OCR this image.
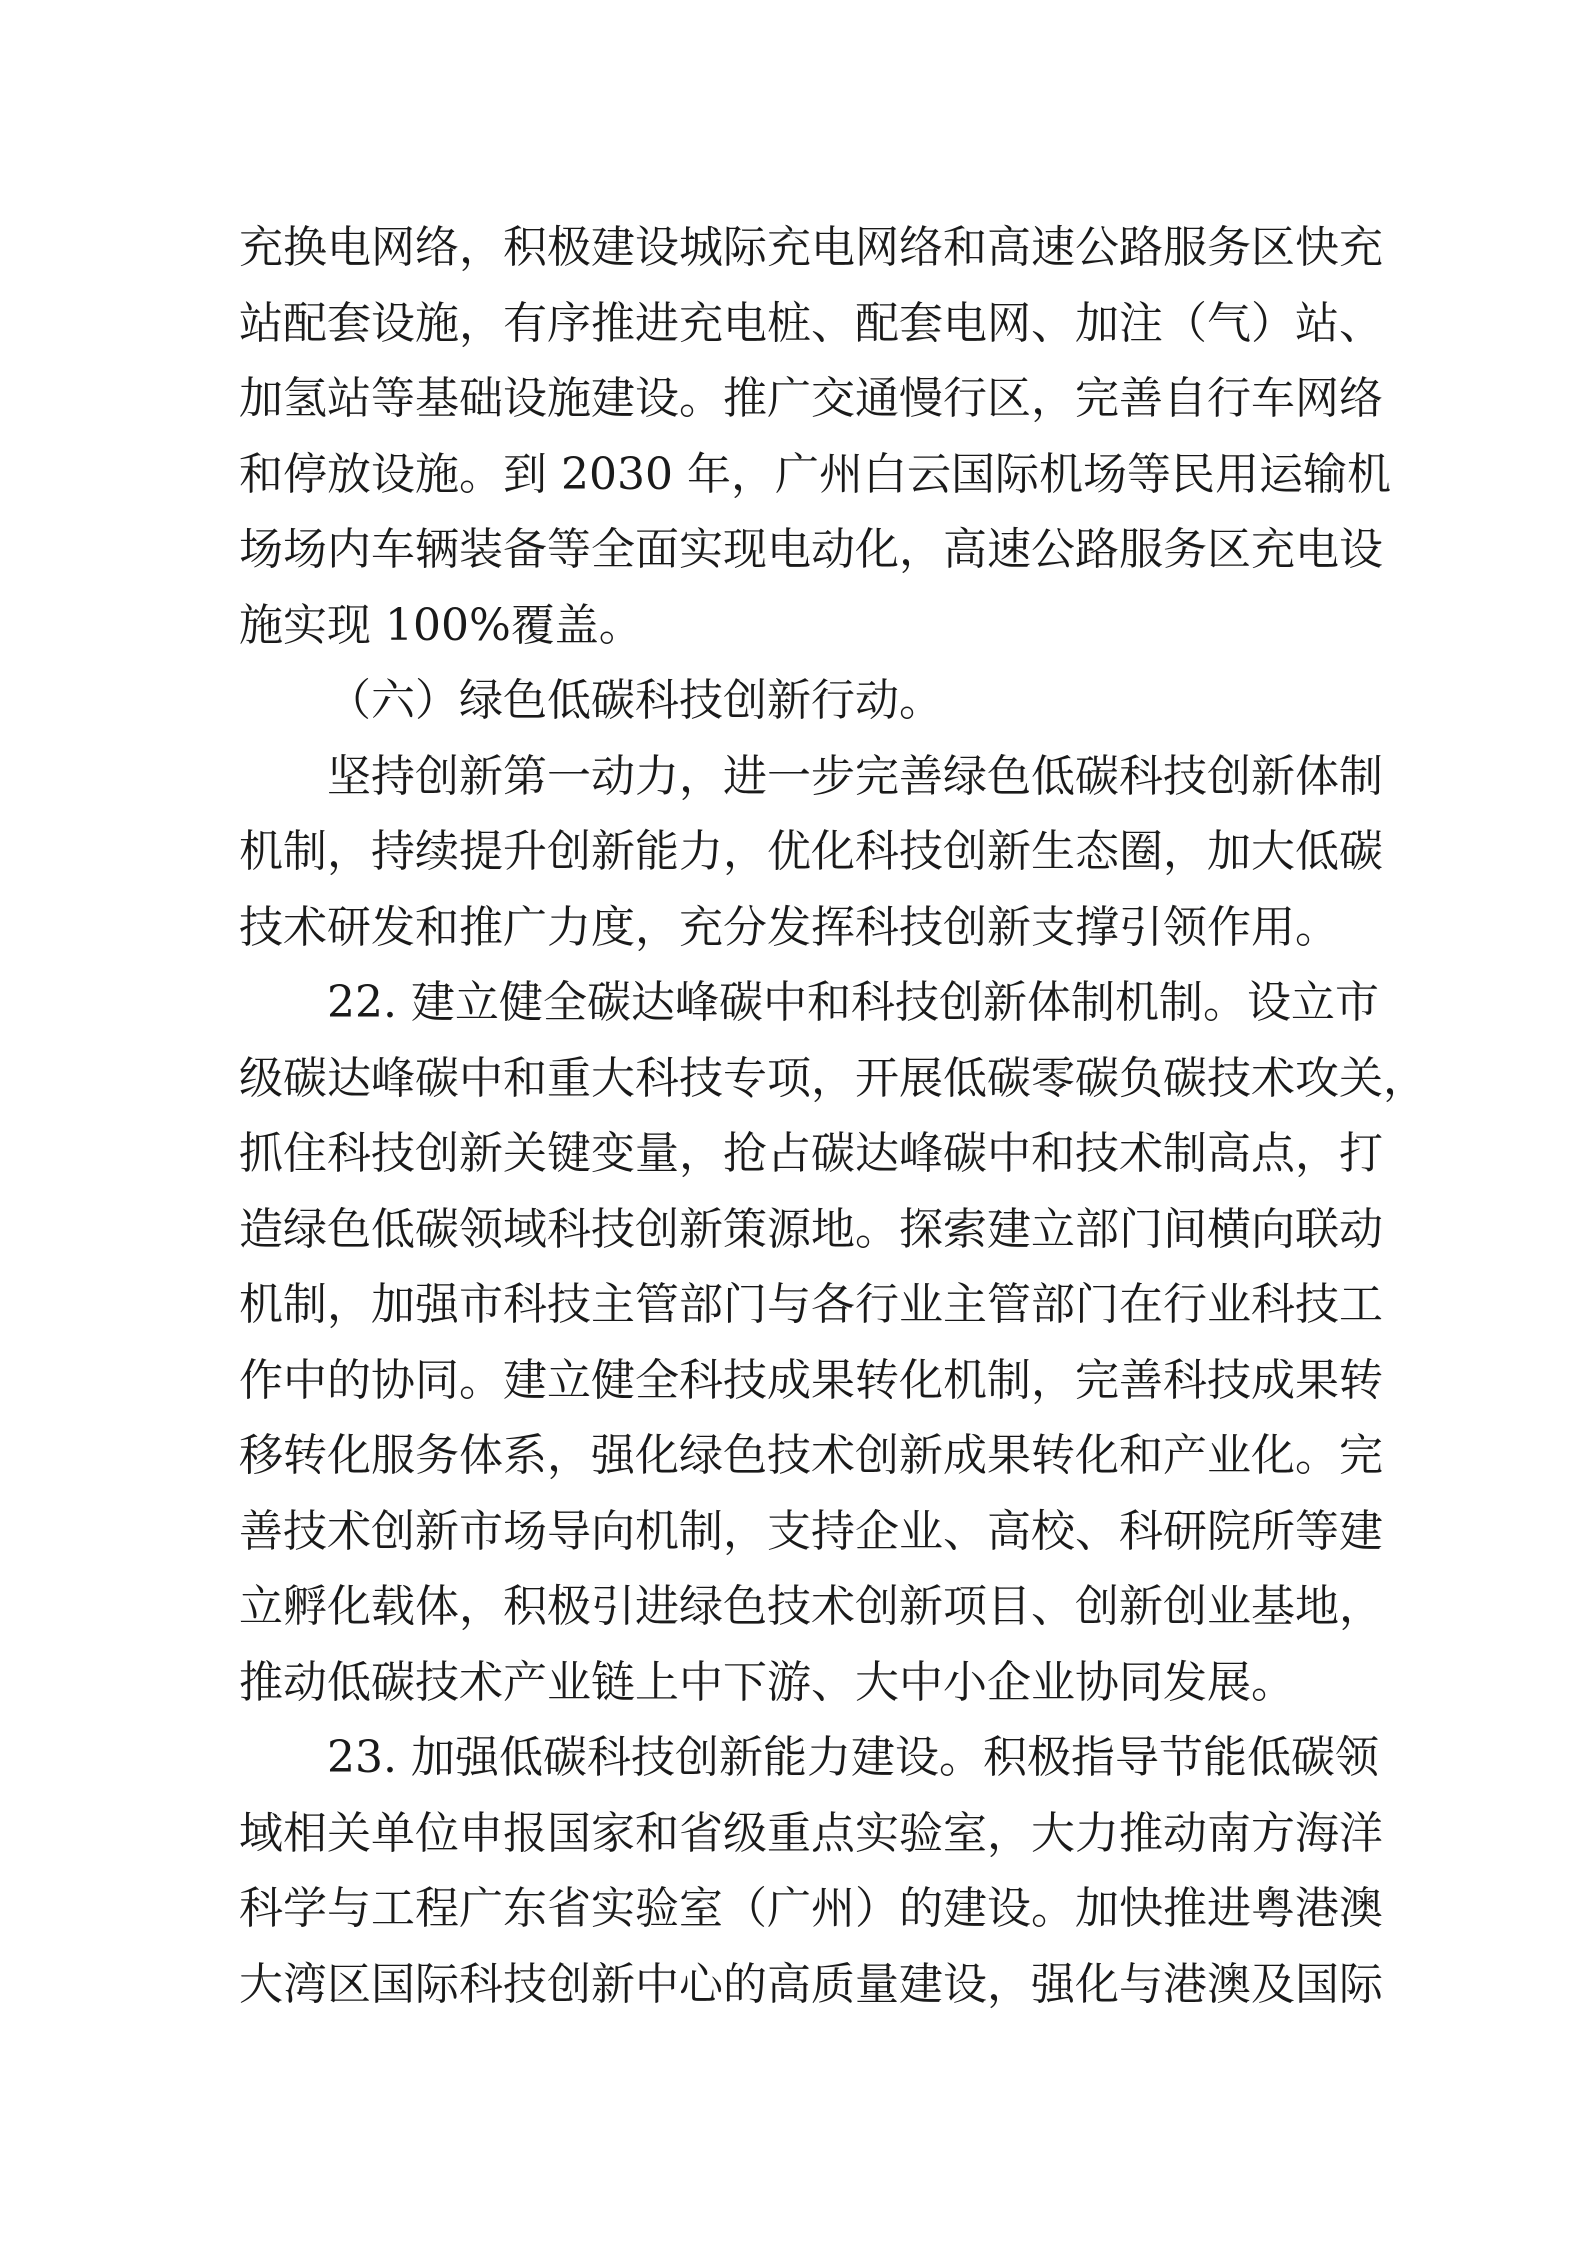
充换电网络，积极建设城际充电网络和高速公路服务区快充
站配套设施，有序推进充电桩、配套电网、加注（气）站、
加氢站等基础设施建设。推广交通慢行区，完善自行车网络
和停放设施。到 2030 年，广州白云国际机场等民用运输机
场场内车辆装备等全面实现电动化，高速公路服务区充电设
施实现 100%覆盖。
（六）绿色低碳科技创新行动。
坚持创新第一动力，进一步完善绿色低碳科技创新体制
机制，持续提升创新能力，优化科技创新生态圈，加大低碳
技术研发和推广力度，充分发挥科技创新支撑引领作用。
22. 建立健全碳达峰碳中和科技创新体制机制。设立市
级碳达峰碳中和重大科技专项，开展低碳零碳负碳技术攻关，
抓住科技创新关键变量，抢占碳达峰碳中和技术制高点，打
造绿色低碳领域科技创新策源地。探索建立部门间横向联动
机制，加强市科技主管部门与各行业主管部门在行业科技工
作中的协同。建立健全科技成果转化机制，完善科技成果转
移转化服务体系，强化绿色技术创新成果转化和产业化。完
善技术创新市场导向机制，支持企业、高校、科研院所等建
立孵化载体，积极引进绿色技术创新项目、创新创业基地，
推动低碳技术产业链上中下游、大中小企业协同发展。
23. 加强低碳科技创新能力建设。积极指导节能低碳领
域相关单位申报国家和省级重点实验室，大力推动南方海洋
科学与工程广东省实验室（广州）的建设。加快推进粤港澳
大湾区国际科技创新中心的高质量建设，强化与港澳及国际
